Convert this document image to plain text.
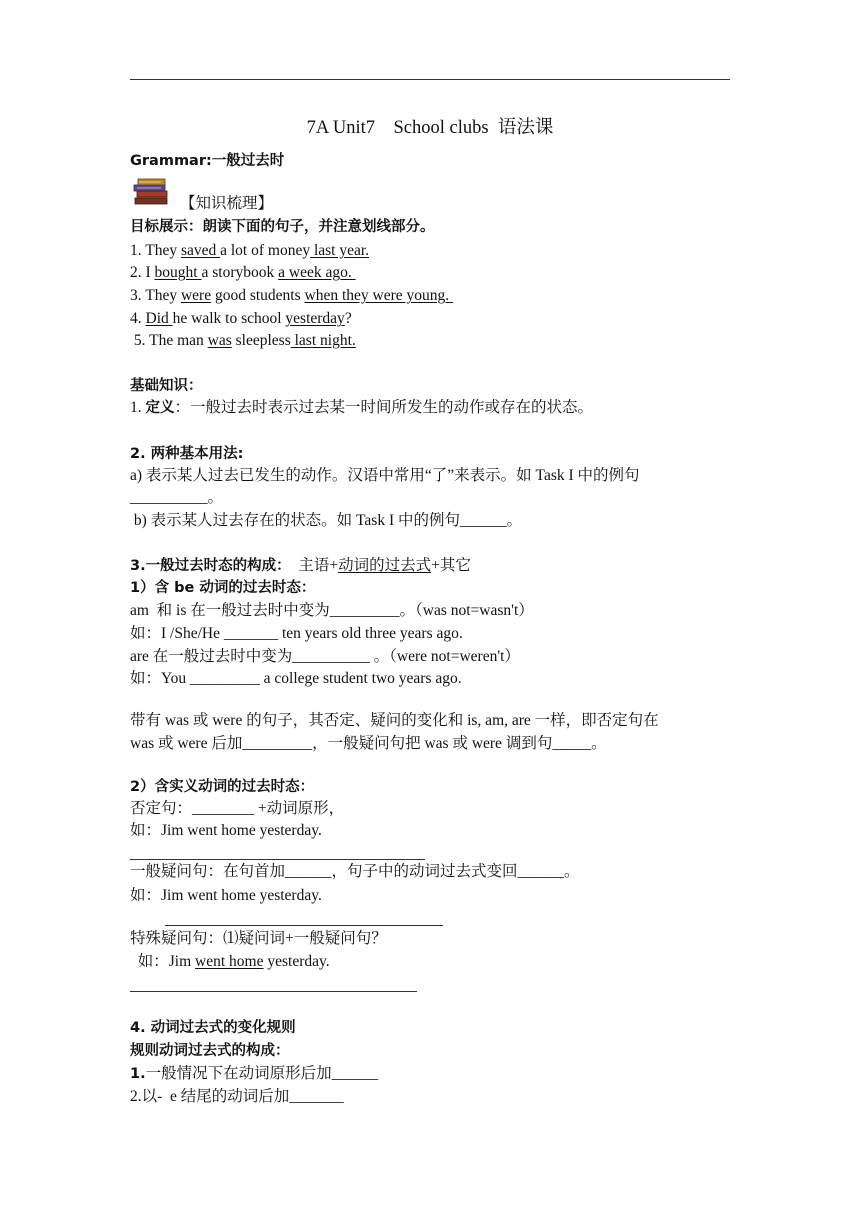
7A Unit7    School clubs  语法课
Grammar:一般过去时
【知识梳理】
目标展示：朗读下面的句子，并注意划线部分。
1. They saved a lot of money last year.
2. I bought a storybook a week ago.
3. They were good students when they were young.
4. Did he walk to school yesterday?
5. The man was sleepless last night.
基础知识：
1. 定义：一般过去时表示过去某一时间所发生的动作或存在的状态。
2. 两种基本用法:
a) 表示某人过去已发生的动作。汉语中常用“了”来表示。如 Task I 中的例句
__________。
b) 表示某人过去存在的状态。如 Task I 中的例句______。
3.一般过去时态的构成：  主语+动词的过去式+其它
1）含 be 动词的过去时态：
am  和 is 在一般过去时中变为_________。（was not=wasn't）
如：I /She/He _______ ten years old three years ago.
are 在一般过去时中变为__________ 。（were not=weren't）
如：You _________ a college student two years ago.
带有 was 或 were 的句子，其否定、疑问的变化和 is, am, are 一样，即否定句在
was 或 were 后加_________，一般疑问句把 was 或 were 调到句_____。
2）含实义动词的过去时态：
否定句：________ +动词原形，
如：Jim went home yesterday.
一般疑问句：在句首加______，句子中的动词过去式变回______。
如：Jim went home yesterday.
特殊疑问句：⑴疑问词+一般疑问句？
如：Jim went home yesterday.
4. 动词过去式的变化规则
规则动词过去式的构成：
1.一般情况下在动词原形后加______
2.以-  e 结尾的动词后加_______
